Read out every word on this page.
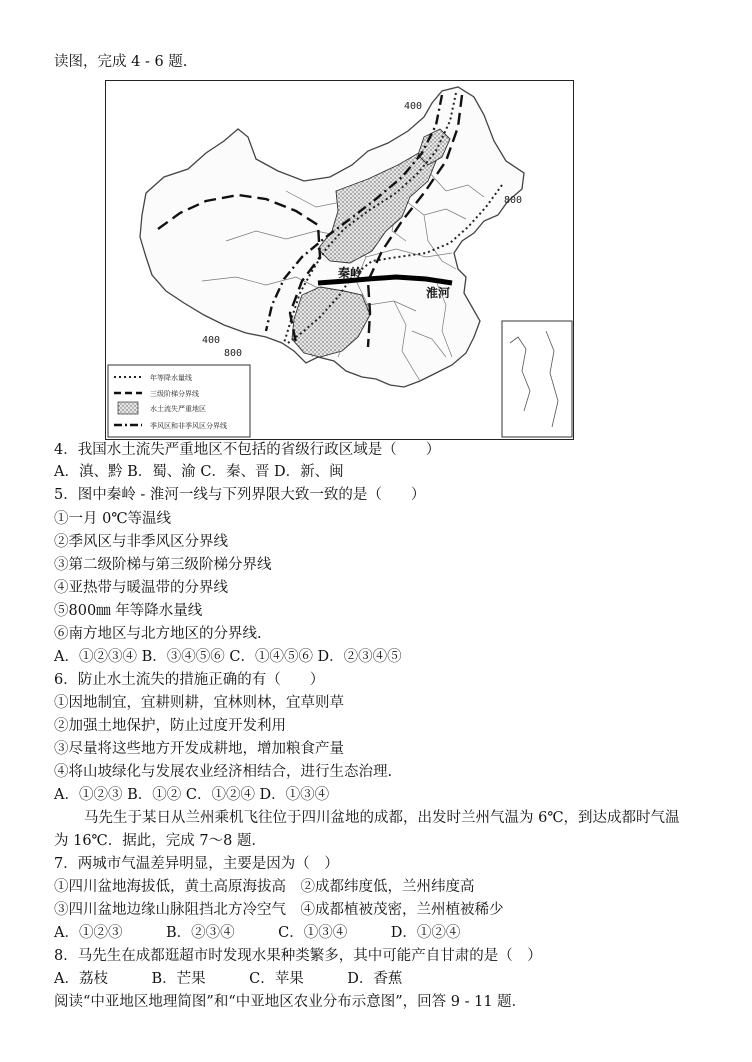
读图，完成 4 - 6 题.
400
800
400
800
秦岭
淮河
年等降水量线
三级阶梯分界线
水土流失严重地区
季风区和非季风区分界线
4．我国水土流失严重地区不包括的省级行政区域是（　　）
A．滇、黔 B．蜀、渝 C．秦、晋 D．新、闽
5．图中秦岭 - 淮河一线与下列界限大致一致的是（　　）
①一月 0℃等温线
②季风区与非季风区分界线
③第二级阶梯与第三级阶梯分界线
④亚热带与暖温带的分界线
⑤800㎜ 年等降水量线
⑥南方地区与北方地区的分界线.
A．①②③④ B．③④⑤⑥ C．①④⑤⑥ D．②③④⑤
6．防止水土流失的措施正确的有（　　）
①因地制宜，宜耕则耕，宜林则林，宜草则草
②加强土地保护，防止过度开发利用
③尽量将这些地方开发成耕地，增加粮食产量
④将山坡绿化与发展农业经济相结合，进行生态治理.
A．①②③ B．①② C．①②④ D．①③④
马先生于某日从兰州乘机飞往位于四川盆地的成都，出发时兰州气温为 6℃，到达成都时气温
为 16℃．据此，完成 7～8 题．
7．两城市气温差异明显，主要是因为（　）
①四川盆地海拔低，黄土高原海拔高　②成都纬度低，兰州纬度高
③四川盆地边缘山脉阻挡北方冷空气　④成都植被茂密，兰州植被稀少
A．①②③　　　B．②③④　　　C．①③④　　　D．①②④
8．马先生在成都逛超市时发现水果种类繁多，其中可能产自甘肃的是（　）
A．荔枝　　　B．芒果　　　C．苹果　　　D．香蕉
阅读“中亚地区地理简图”和“中亚地区农业分布示意图”，回答 9 - 11 题．
